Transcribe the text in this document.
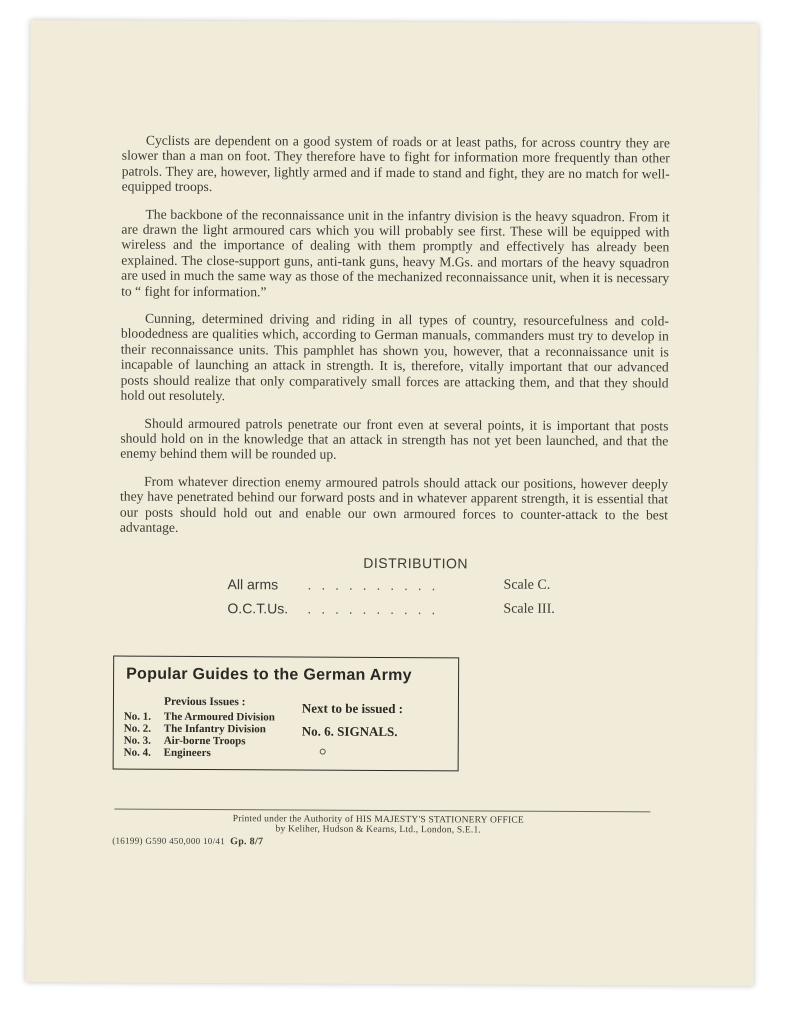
Cyclists are dependent on a good system of roads or at least paths, for across country they are slower than a man on foot. They therefore have to fight for information more frequently than other patrols. They are, however, lightly armed and if made to stand and fight, they are no match for well-equipped troops.

The backbone of the reconnaissance unit in the infantry division is the heavy squadron. From it are drawn the light armoured cars which you will probably see first. These will be equipped with wireless and the importance of dealing with them promptly and effectively has already been explained. The close-support guns, anti-tank guns, heavy M.Gs. and mortars of the heavy squadron are used in much the same way as those of the mechanized reconnaissance unit, when it is necessary to “ fight for information.”

Cunning, determined driving and riding in all types of country, resourcefulness and cold-bloodedness are qualities which, according to German manuals, commanders must try to develop in their reconnaissance units. This pamphlet has shown you, however, that a reconnaissance unit is incapable of launching an attack in strength. It is, therefore, vitally important that our advanced posts should realize that only comparatively small forces are attacking them, and that they should hold out resolutely.

Should armoured patrols penetrate our front even at several points, it is important that posts should hold on in the knowledge that an attack in strength has not yet been launched, and that the enemy behind them will be rounded up.

From whatever direction enemy armoured patrols should attack our positions, however deeply they have penetrated behind our forward posts and in whatever apparent strength, it is essential that our posts should hold out and enable our own armoured forces to counter-attack to the best advantage.

DISTRIBUTION
All arms	. . . . . . . . . .	Scale C.
O.C.T.Us.	. . . . . . . . . .	Scale III.
Popular Guides to the German Army
Previous Issues :
No. 1.	The Armoured Division
No. 2.	The Infantry Division
No. 3.	Air-borne Troops
No. 4.	Engineers
Next to be issued :
No. 6. SIGNALS.
Printed under the Authority of HIS MAJESTY'S STATIONERY OFFICE
by Keliher, Hudson & Kearns, Ltd., London, S.E.1.
(16199) G590 450,000 10/41 Gp. 8/7
